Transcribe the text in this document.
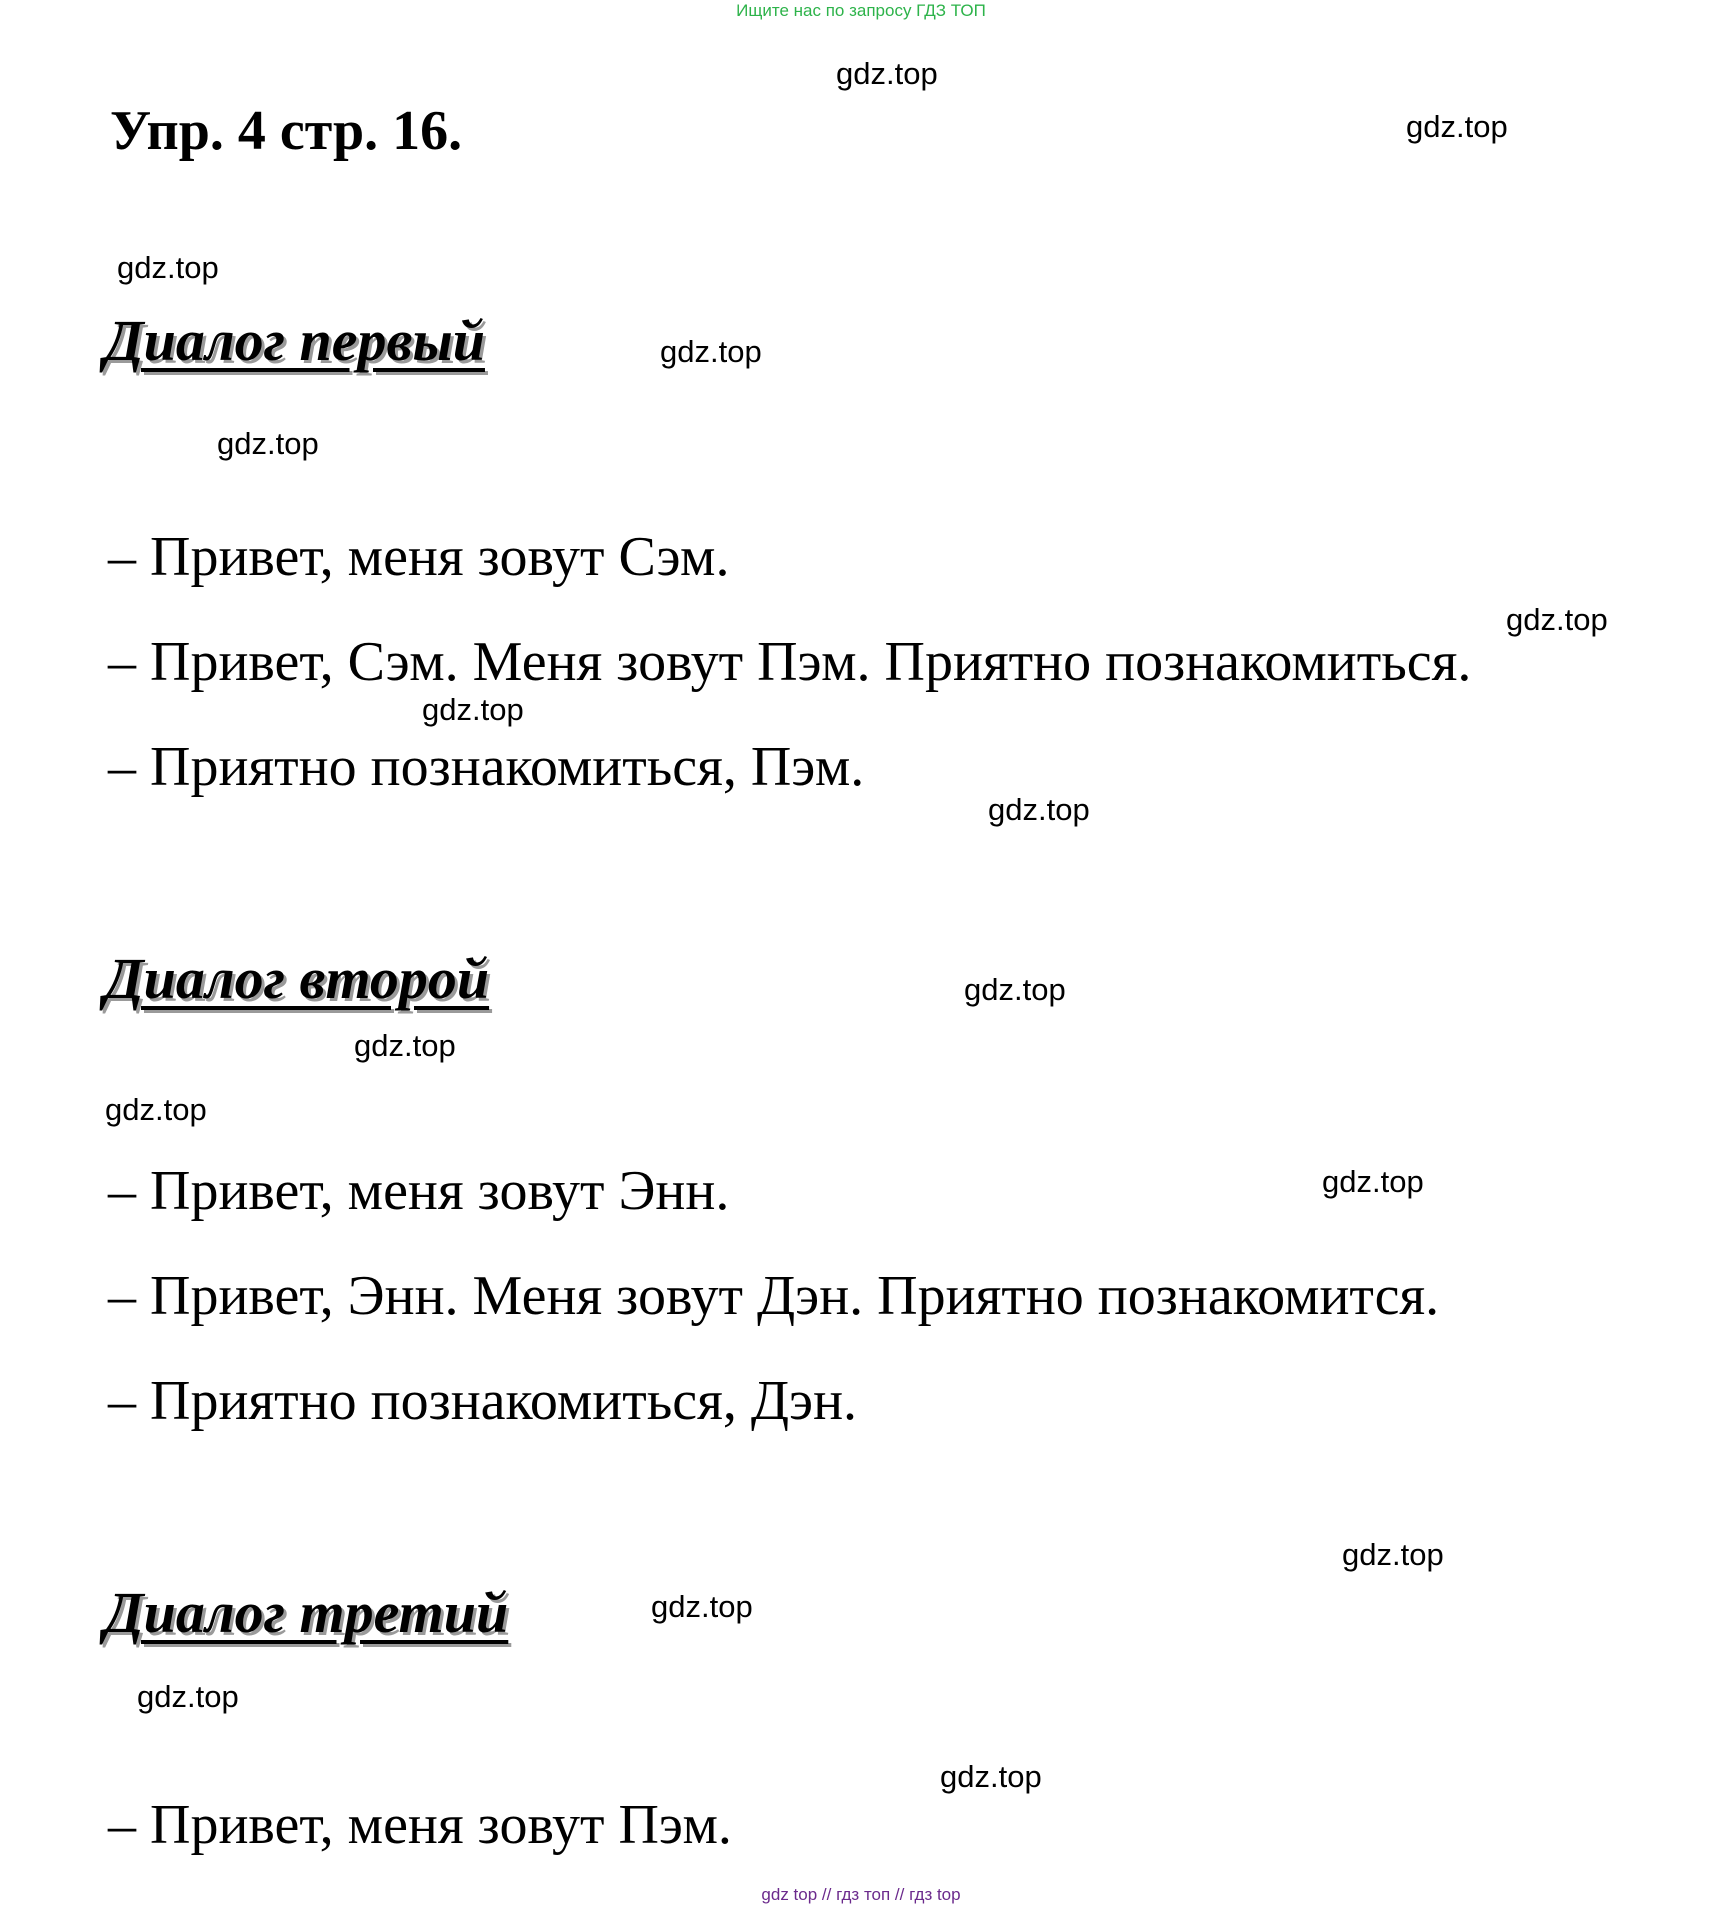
Ищите нас по запросу ГДЗ ТОП
Упр. 4 стр. 16.
Диалог первый
– Привет, меня зовут Сэм.
– Привет, Сэм. Меня зовут Пэм. Приятно познакомиться.
– Приятно познакомиться, Пэм.
Диалог второй
– Привет, меня зовут Энн.
– Привет, Энн. Меня зовут Дэн. Приятно познакомится.
– Приятно познакомиться, Дэн.
Диалог третий
– Привет, меня зовут Пэм.
gdz.top
gdz.top
gdz.top
gdz.top
gdz.top
gdz.top
gdz.top
gdz.top
gdz.top
gdz.top
gdz.top
gdz.top
gdz.top
gdz.top
gdz.top
gdz.top
gdz top // гдз топ // гдз top
